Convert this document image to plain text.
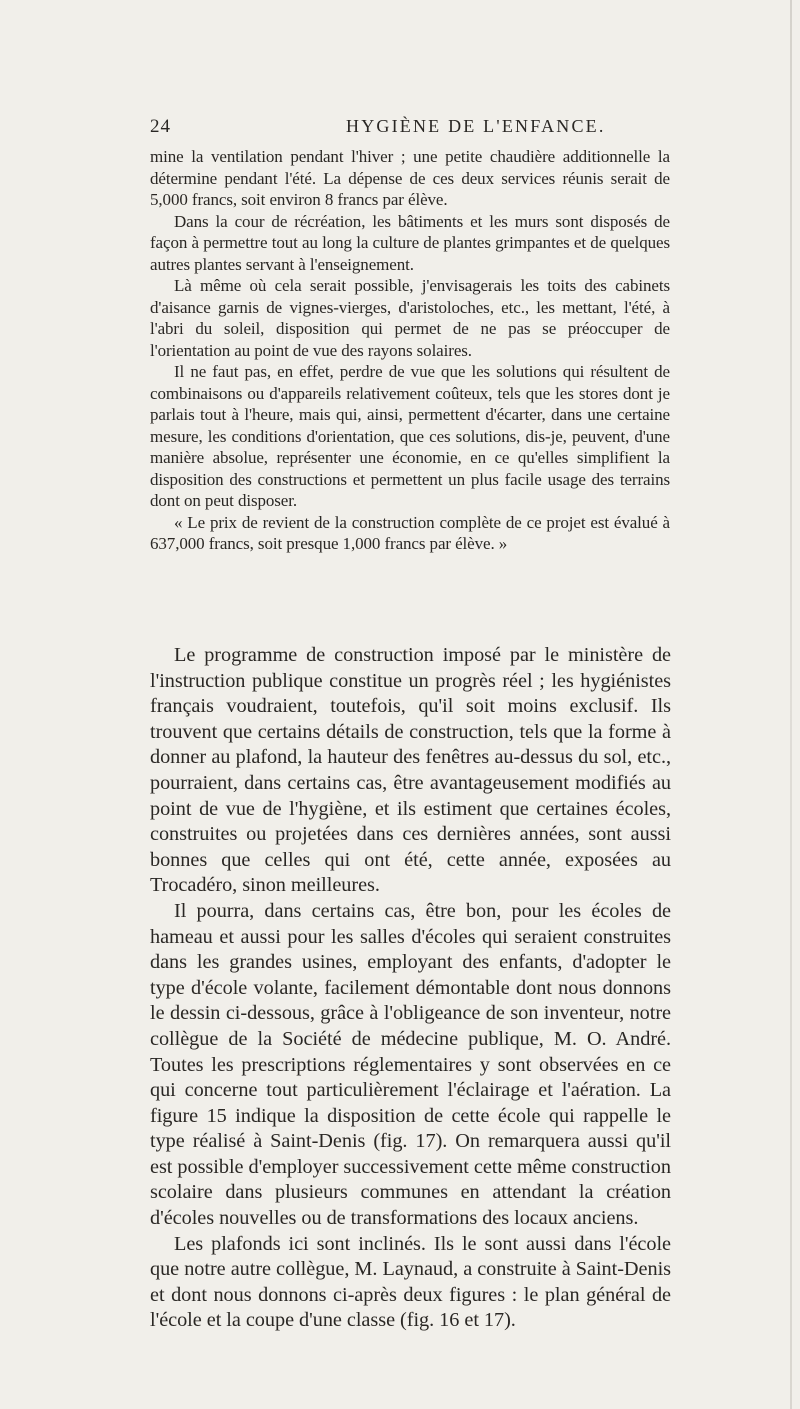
24	HYGIÈNE DE L'ENFANCE.

mine la ventilation pendant l'hiver ; une petite chaudière additionnelle la détermine pendant l'été. La dépense de ces deux services réunis serait de 5,000 francs, soit environ 8 francs par élève.

Dans la cour de récréation, les bâtiments et les murs sont disposés de façon à permettre tout au long la culture de plantes grimpantes et de quelques autres plantes servant à l'enseignement.

Là même où cela serait possible, j'envisagerais les toits des cabinets d'aisance garnis de vignes-vierges, d'aristoloches, etc., les mettant, l'été, à l'abri du soleil, disposition qui permet de ne pas se préoccuper de l'orientation au point de vue des rayons solaires.

Il ne faut pas, en effet, perdre de vue que les solutions qui résultent de combinaisons ou d'appareils relativement coûteux, tels que les stores dont je parlais tout à l'heure, mais qui, ainsi, permettent d'écarter, dans une certaine mesure, les conditions d'orientation, que ces solutions, dis-je, peuvent, d'une manière absolue, représenter une économie, en ce qu'elles simplifient la disposition des constructions et permettent un plus facile usage des terrains dont on peut disposer.

« Le prix de revient de la construction complète de ce projet est évalué à 637,000 francs, soit presque 1,000 francs par élève. »

Le programme de construction imposé par le ministère de l'instruction publique constitue un progrès réel ; les hygiénistes français voudraient, toutefois, qu'il soit moins exclusif. Ils trouvent que certains détails de construction, tels que la forme à donner au plafond, la hauteur des fenêtres au-dessus du sol, etc., pourraient, dans certains cas, être avantageusement modifiés au point de vue de l'hygiène, et ils estiment que certaines écoles, construites ou projetées dans ces dernières années, sont aussi bonnes que celles qui ont été, cette année, exposées au Trocadéro, sinon meilleures.

Il pourra, dans certains cas, être bon, pour les écoles de hameau et aussi pour les salles d'écoles qui seraient construites dans les grandes usines, employant des enfants, d'adopter le type d'école volante, facilement démontable dont nous donnons le dessin ci-dessous, grâce à l'obligeance de son inventeur, notre collègue de la Société de médecine publique, M. O. André. Toutes les prescriptions réglementaires y sont observées en ce qui concerne tout particulièrement l'éclairage et l'aération. La figure 15 indique la disposition de cette école qui rappelle le type réalisé à Saint-Denis (fig. 17). On remarquera aussi qu'il est possible d'employer successivement cette même construction scolaire dans plusieurs communes en attendant la création d'écoles nouvelles ou de transformations des locaux anciens.

Les plafonds ici sont inclinés. Ils le sont aussi dans l'école que notre autre collègue, M. Laynaud, a construite à Saint-Denis et dont nous donnons ci-après deux figures : le plan général de l'école et la coupe d'une classe (fig. 16 et 17).
